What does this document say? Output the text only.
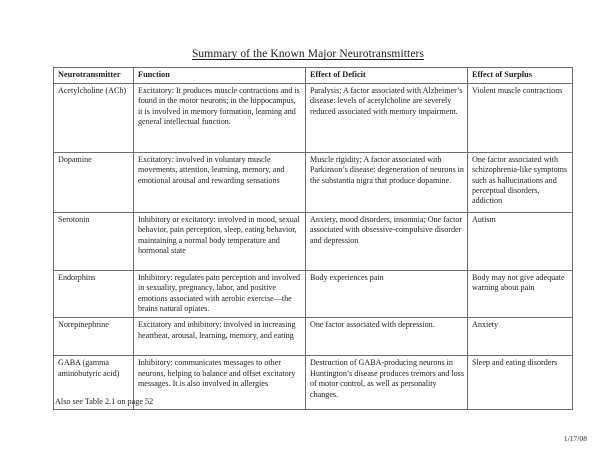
Summary of the Known Major Neurotransmitters
Neurotransmitter	Function	Effect of Deficit	Effect of Surplus
Acetylcholine (ACh)	Excitatory: It produces muscle contractions and is found in the motor neurons; in the hippocampus, it is involved in memory formation, learning and general intellectual function.	Paralysis; A factor associated with Alzheimer’s disease: levels of acetylcholine are severely reduced associated with memory impairment.	Violent muscle contractions
Dopamine	Excitatory: involved in voluntary muscle movements, attention, learning, memory, and emotional arousal and rewarding sensations	Muscle rigidity; A factor associated with Parkinson’s disease: degeneration of neurons in the substantia nigra that produce dopamine.	One factor associated with schizophrenia-like symptoms such as hallucinations and perceptual disorders, addiction
Serotonin	Inhibitory or excitatory: involved in mood, sexual behavior, pain perception, sleep, eating behavior, maintaining a normal body temperature and hormonal state	Anxiety, mood disorders, insomnia; One factor associated with obsessive-compulsive disorder and depression	Autism
Endorphins	Inhibitory: regulates pain perception and involved in sexuality, pregnancy, labor, and positive emotions associated with aerobic exercise—the brains natural opiates.	Body experiences pain	Body may not give adequate warning about pain
Norepinephrine	Excitatory and inhibitory: involved in increasing heartbeat, arousal, learning, memory, and eating	One factor associated with depression.	Anxiety
GABA (gamma aminobutyric acid)	Inhibitory: communicates messages to other neurons, helping to balance and offset excitatory messages. It is also involved in allergies	Destruction of GABA-producing neurons in Huntington’s disease produces tremors and loss of motor control, as well as personality changes.	Sleep and eating disorders
Also see Table 2.1 on page 52
1/17/08
